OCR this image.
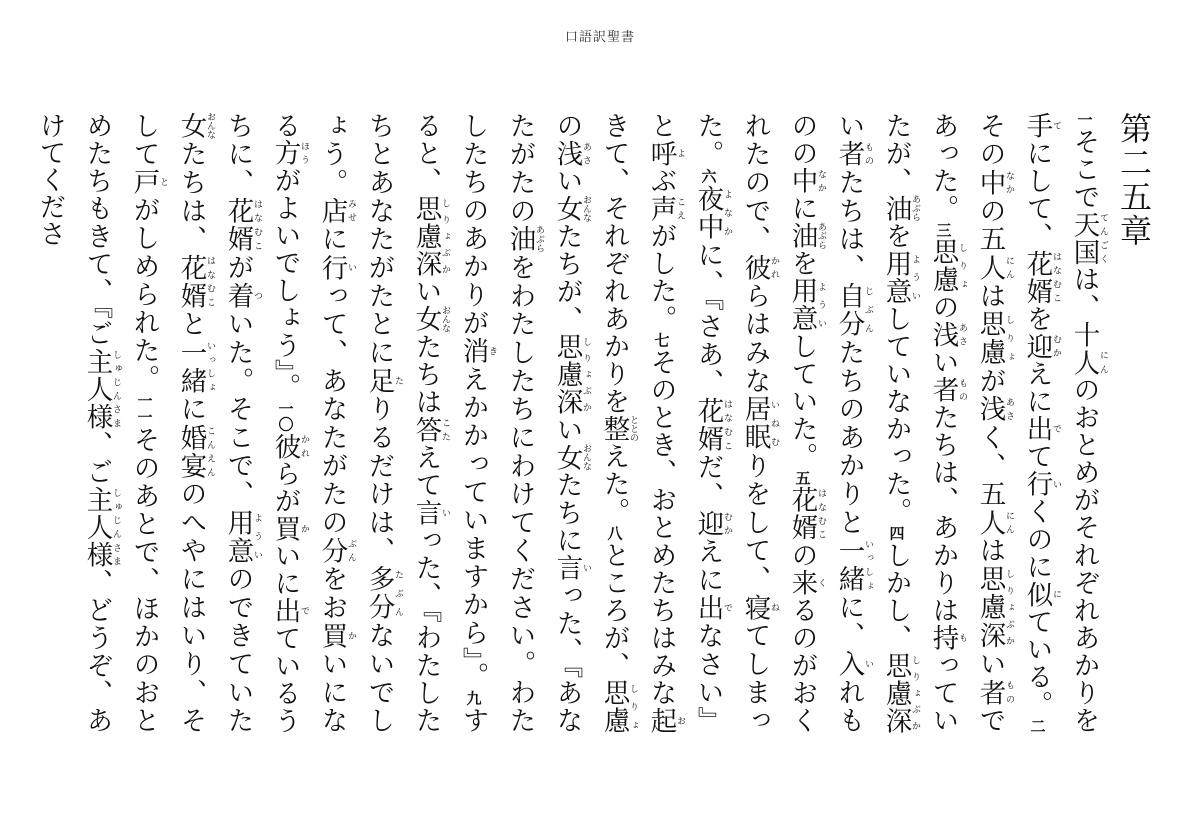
口語訳聖書
第二五章

$^一$そこで天国てんごくは、十人にんのおとめがそれぞれあかりを手てにして、花婿はなむこを迎むかえに出でて行いくのに似にている。$^二$その中なかの五人にんは思慮しりょが浅あさく、五人にんは思慮深しりょぶかい者ものであった。$^三$思慮しりょの浅あさい者ものたちは、あかりは持もっていたが、油あぶらを用意よういしていなかった。$^四$しかし、思慮深しりょぶかい者ものたちは、自分じぶんたちのあかりと一緒いっしょに、入いれものの中なかに油あぶらを用意よういしていた。$^五$花婿はなむこの来くるのがおくれたので、彼かれらはみな居眠いねむりをして、寝ねてしまった。$^六$夜中よなかに、『さあ、花婿はなむこだ、迎むかえに出でなさい』と呼よぶ声こえがした。$^七$そのとき、おとめたちはみな起おきて、それぞれあかりを整ととのえた。$^八$ところが、思慮しりょの浅あさい女おんなたちが、思慮深しりょぶかい女おんなたちに言いった、『あなたがたの油あぶらをわたしたちにわけてください。わたしたちのあかりが消きえかかっていますから』。$^九$すると、思慮深しりょぶかい女おんなたちは答こたえて言いった、『わたしたちとあなたがたとに足たりるだけは、多分たぶんないでしょう。店みせに行いって、あなたがたの分ぶんをお買かいになる方ほうがよいでしょう』。$^{一〇}$彼かれらが買かいに出でているうちに、花婿はなむこが着ついた。そこで、用意よういのできていた女おんなたちは、花婿はなむこと一緒いっしょに婚宴こんえんのへやにはいり、そして戸とがしめられた。$^{一一}$そのあとで、ほかのおとめたちもきて、『ご主人様しゅじんさま、ご主人様しゅじんさま、どうぞ、あけてくださ
